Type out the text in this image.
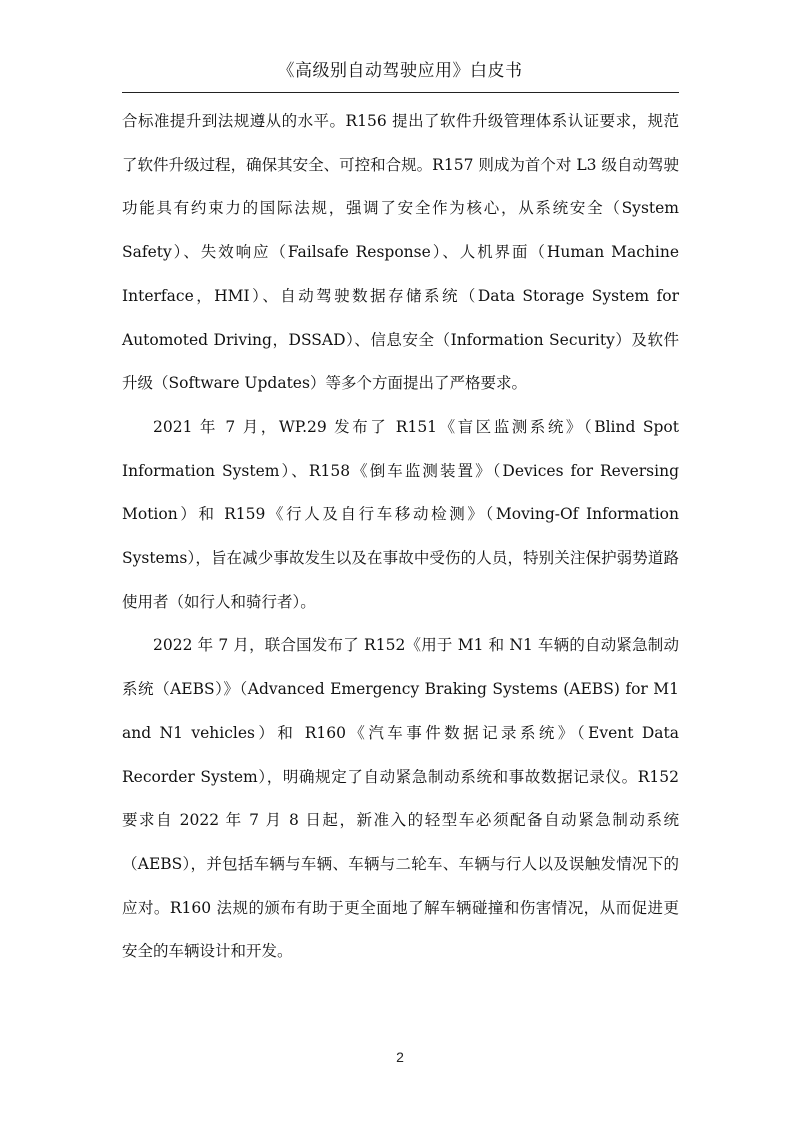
《高级别自动驾驶应用》白皮书

合标准提升到法规遵从的水平。R156 提出了软件升级管理体系认证要求，规范了软件升级过程，确保其安全、可控和合规。R157 则成为首个对 L3 级自动驾驶功能具有约束力的国际法规，强调了安全作为核心，从系统安全（System Safety）、失效响应（Failsafe Response）、人机界面（Human Machine Interface，HMI）、自动驾驶数据存储系统（Data Storage System for Automoted Driving，DSSAD）、信息安全（Information Security）及软件升级（Software Updates）等多个方面提出了严格要求。

2021 年 7 月，WP.29 发布了 R151《盲区监测系统》（Blind Spot Information System）、R158《倒车监测装置》（Devices for Reversing Motion）和 R159《行人及自行车移动检测》（Moving-Of Information Systems），旨在减少事故发生以及在事故中受伤的人员，特别关注保护弱势道路使用者（如行人和骑行者）。

2022 年 7 月，联合国发布了 R152《用于 M1 和 N1 车辆的自动紧急制动系统（AEBS）》（Advanced Emergency Braking Systems (AEBS) for M1 and N1 vehicles）和 R160《汽车事件数据记录系统》（Event Data Recorder System），明确规定了自动紧急制动系统和事故数据记录仪。R152 要求自 2022 年 7 月 8 日起，新准入的轻型车必须配备自动紧急制动系统（AEBS），并包括车辆与车辆、车辆与二轮车、车辆与行人以及误触发情况下的应对。R160 法规的颁布有助于更全面地了解车辆碰撞和伤害情况，从而促进更安全的车辆设计和开发。

2
